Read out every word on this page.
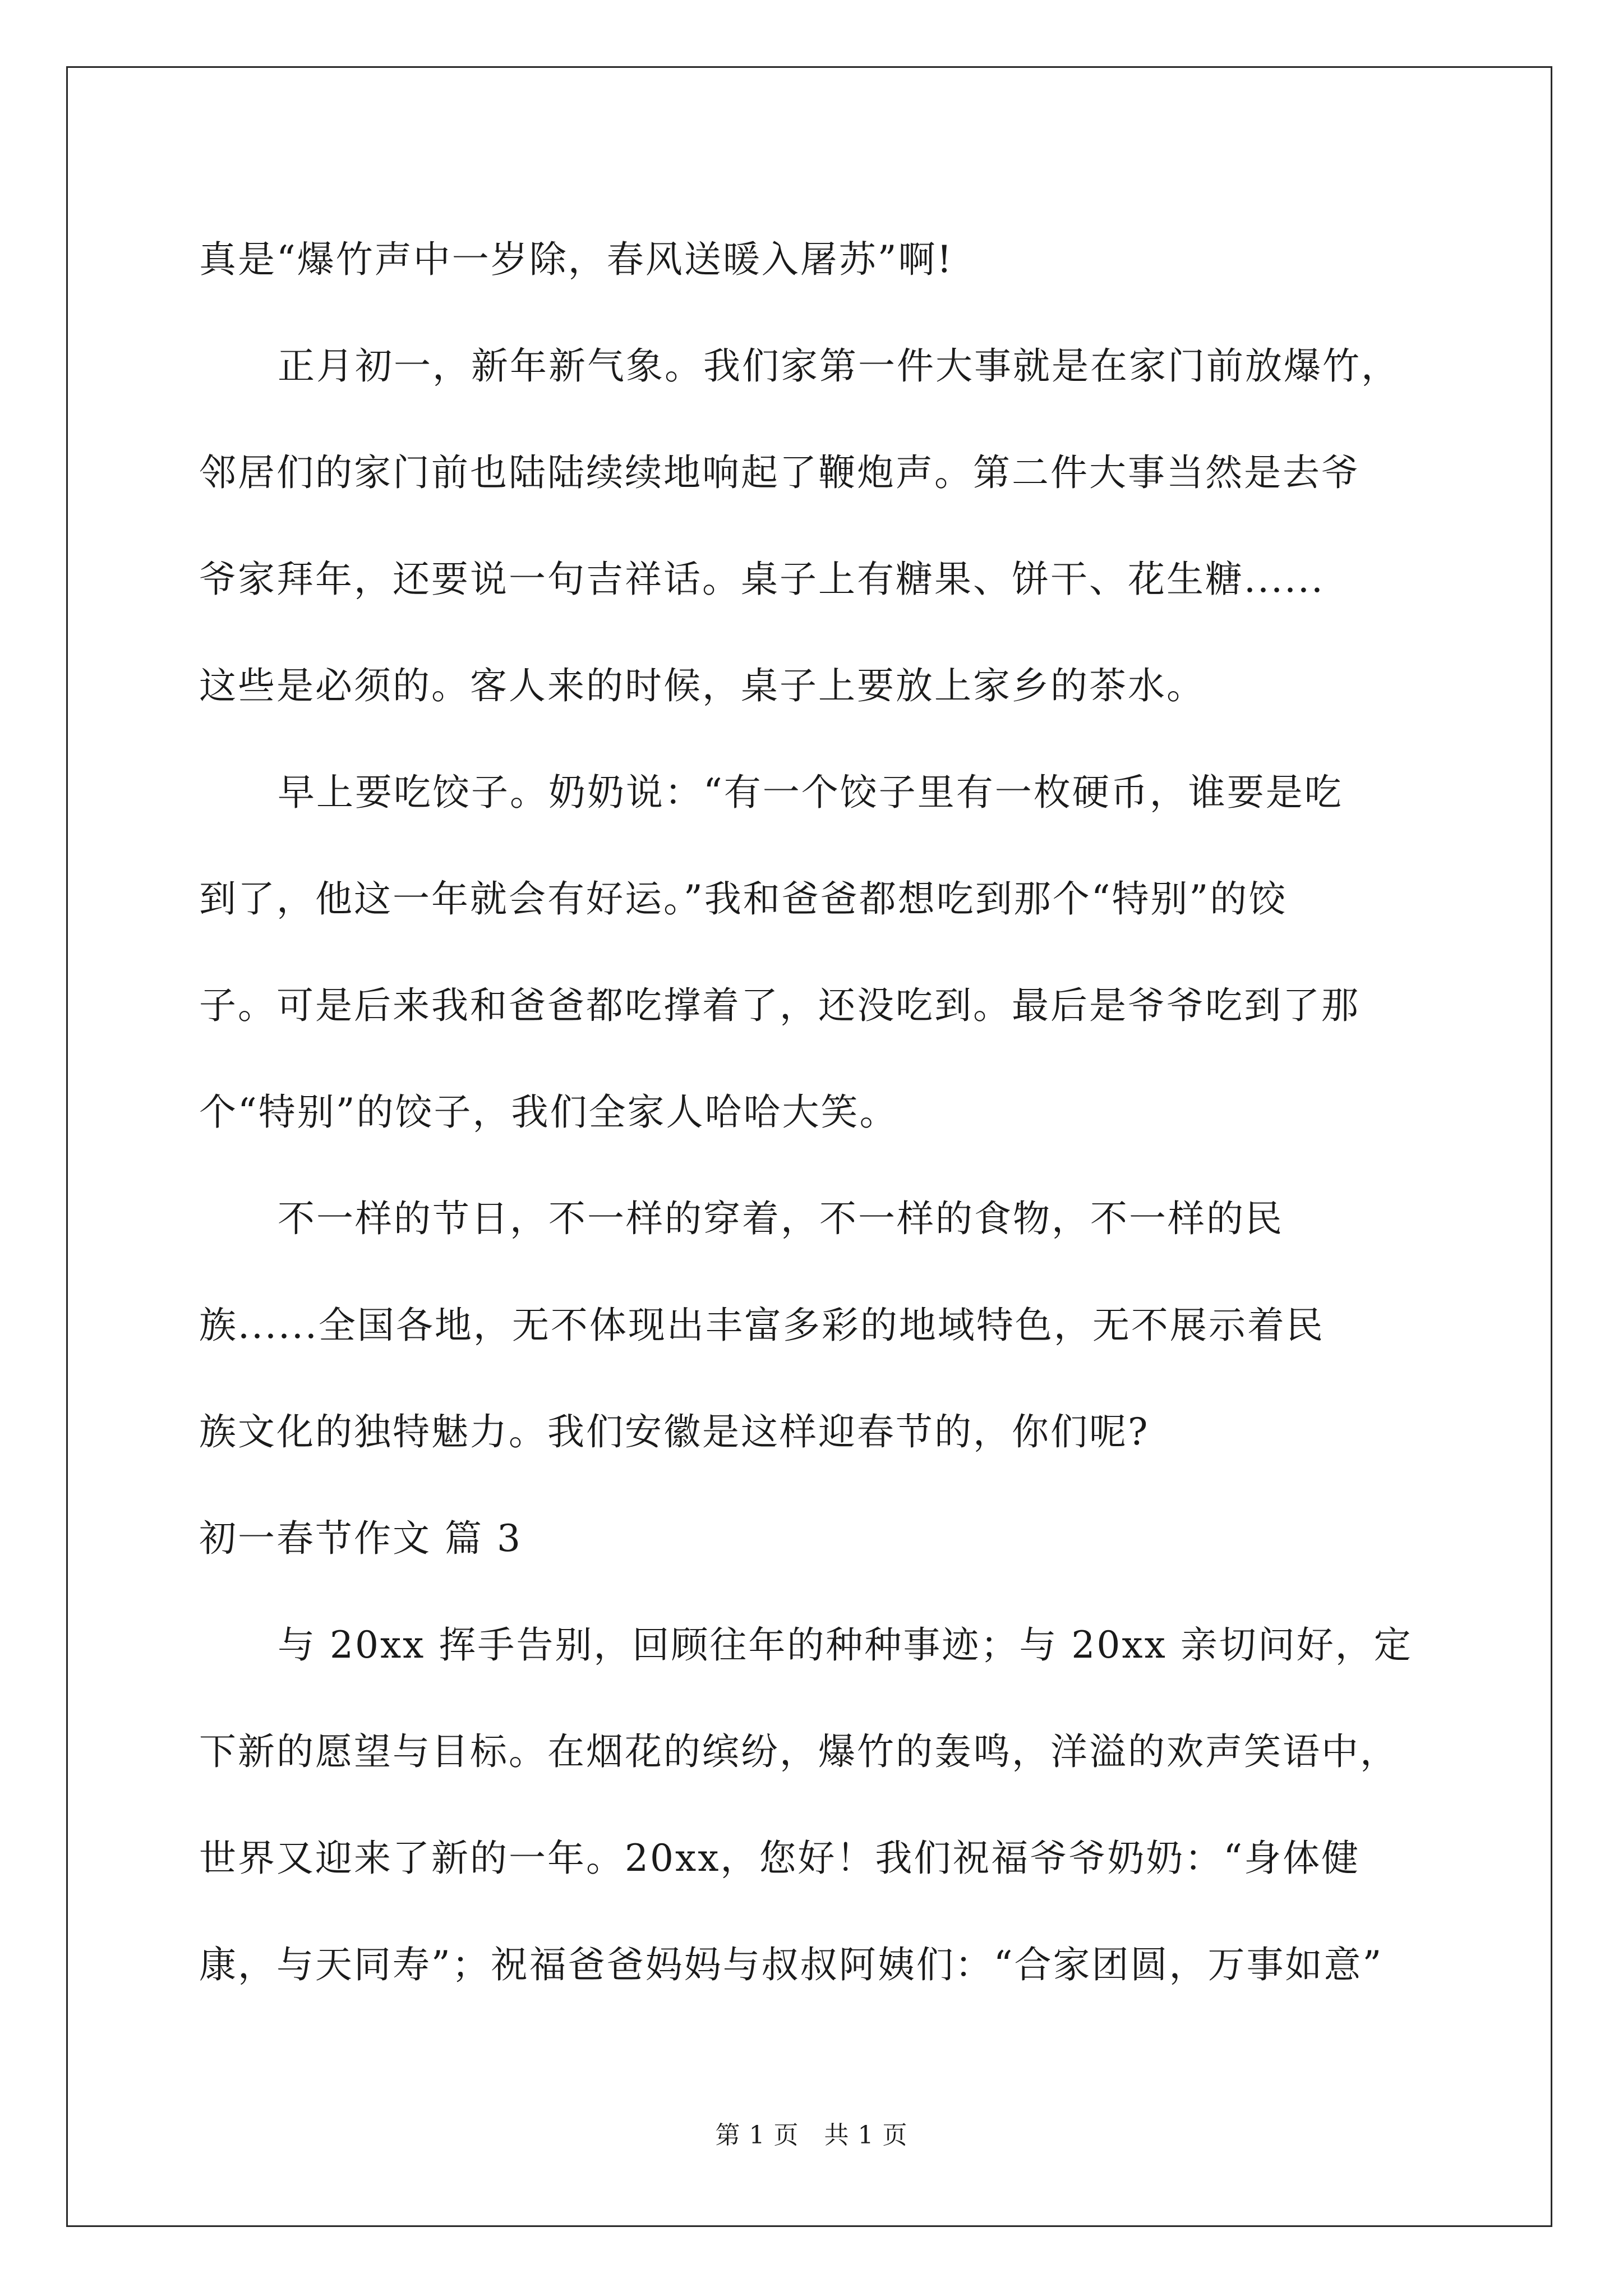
真是“爆竹声中一岁除，春风送暖入屠苏”啊!
正月初一，新年新气象。我们家第一件大事就是在家门前放爆竹，
邻居们的家门前也陆陆续续地响起了鞭炮声。第二件大事当然是去爷
爷家拜年，还要说一句吉祥话。桌子上有糖果、饼干、花生糖......
这些是必须的。客人来的时候，桌子上要放上家乡的茶水。
早上要吃饺子。奶奶说：“有一个饺子里有一枚硬币，谁要是吃
到了，他这一年就会有好运。”我和爸爸都想吃到那个“特别”的饺
子。可是后来我和爸爸都吃撑着了，还没吃到。最后是爷爷吃到了那
个“特别”的饺子，我们全家人哈哈大笑。
不一样的节日，不一样的穿着，不一样的食物，不一样的民
族......全国各地，无不体现出丰富多彩的地域特色，无不展示着民
族文化的独特魅力。我们安徽是这样迎春节的，你们呢?
初一春节作文 篇 3
与 20xx 挥手告别，回顾往年的种种事迹；与 20xx 亲切问好，定
下新的愿望与目标。在烟花的缤纷，爆竹的轰鸣，洋溢的欢声笑语中，
世界又迎来了新的一年。20xx，您好！我们祝福爷爷奶奶：“身体健
康，与天同寿”；祝福爸爸妈妈与叔叔阿姨们：“合家团圆，万事如意”
第 1 页　共 1 页
